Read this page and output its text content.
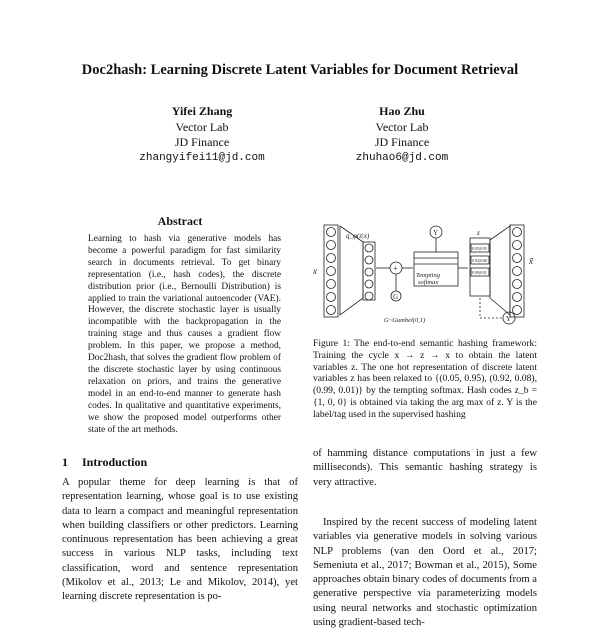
Doc2hash: Learning Discrete Latent Variables for Document Retrieval
Yifei Zhang
Vector Lab
JD Finance
zhangyifei11@jd.com
Hao Zhu
Vector Lab
JD Finance
zhuhao6@jd.com
Abstract
Learning to hash via generative models has become a powerful paradigm for fast similarity search in documents retrieval. To get binary representation (i.e., hash codes), the discrete distribution prior (i.e., Bernoulli Distribution) is applied to train the variational autoencoder (VAE). However, the discrete stochastic layer is usually incompatible with the backpropagation in the training stage and thus causes a gradient flow problem. In this paper, we propose a method, Doc2hash, that solves the gradient flow problem of the discrete stochastic layer by using continuous relaxation on priors, and trains the generative model in an end-to-end manner to generate hash codes. In qualitative and quantitative experiments, we show the proposed model outperforms other state of the art methods.
1 Introduction
A popular theme for deep learning is that of representation learning, whose goal is to use existing data to learn a compact and meaningful representation when building classifiers or other predictors. Learning continuous representation has been achieving a great success in various NLP tasks, including text classification, word and sentence representation (Mikolov et al., 2013; Le and Mikolov, 2014), yet learning discrete representation is po-
x
q_φ(z|x)
+
G
Tempting
softmax
Y	z
0.05|0.95
0.92|0.08
0.99|0.01
x̃
G~Gumbel(0,1)	Y
Figure 1: The end-to-end semantic hashing framework: Training the cycle x → z → x to obtain the latent variables z. The one hot representation of discrete latent variables z has been relaxed to {(0.05, 0.95), (0.92, 0.08), (0.99, 0.01)} by the tempting softmax. Hash codes z_b = {1, 0, 0} is obtained via taking the arg max of z. Y is the label/tag used in the supervised hashing
of hamming distance computations in just a few milliseconds). This semantic hashing strategy is very attractive.
Inspired by the recent success of modeling latent variables via generative models in solving various NLP problems (van den Oord et al., 2017; Semeniuta et al., 2017; Bowman et al., 2015), Some approaches obtain binary codes of documents from a generative perspective via parameterizing models using neural networks and stochastic optimization using gradient-based tech-
